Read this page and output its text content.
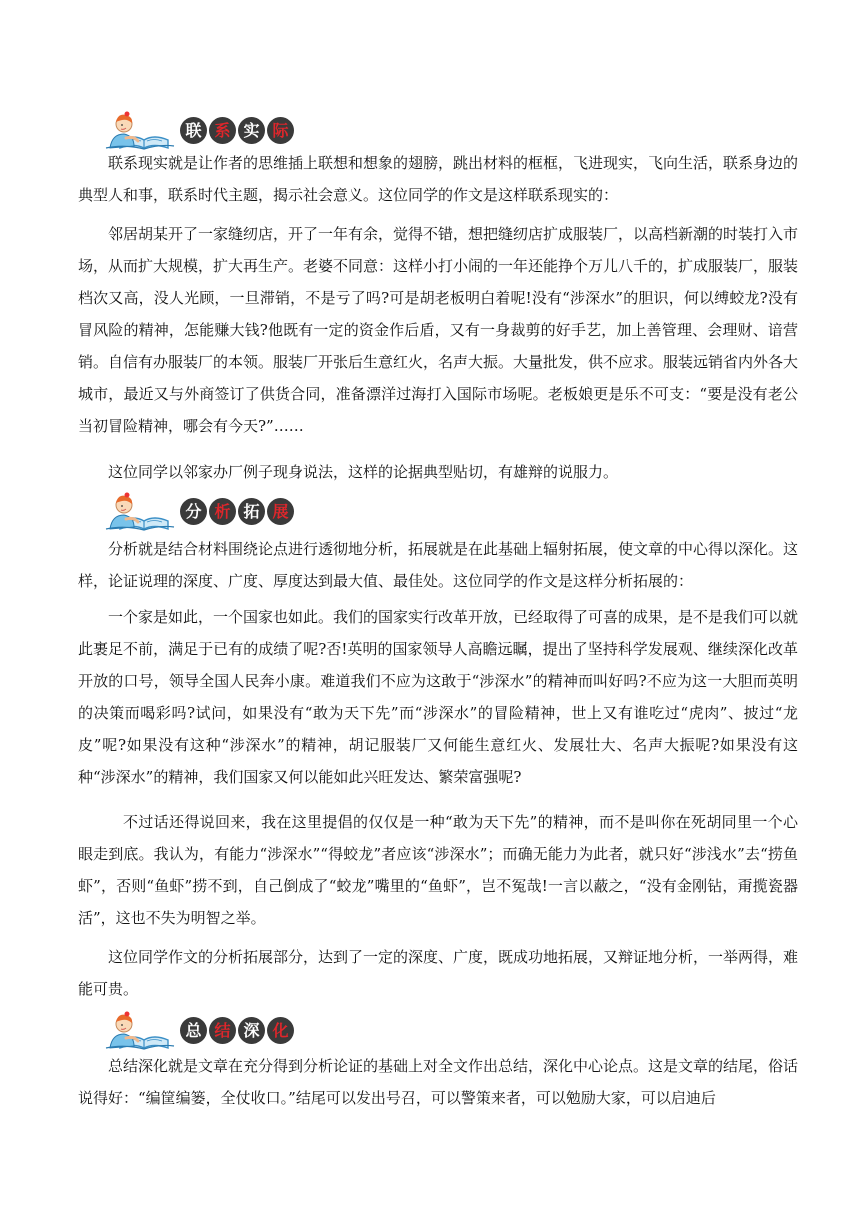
联 系 实 际

联系现实就是让作者的思维插上联想和想象的翅膀，跳出材料的框框，飞进现实，飞向生活，联系身边的典型人和事，联系时代主题，揭示社会意义。这位同学的作文是这样联系现实的：

邻居胡某开了一家缝纫店，开了一年有余，觉得不错，想把缝纫店扩成服装厂，以高档新潮的时装打入市场，从而扩大规模，扩大再生产。老婆不同意：这样小打小闹的一年还能挣个万儿八千的，扩成服装厂，服装档次又高，没人光顾，一旦滞销，不是亏了吗?可是胡老板明白着呢!没有“涉深水”的胆识，何以缚蛟龙?没有冒风险的精神，怎能赚大钱?他既有一定的资金作后盾，又有一身裁剪的好手艺，加上善管理、会理财、谙营销。自信有办服装厂的本领。服装厂开张后生意红火，名声大振。大量批发，供不应求。服装远销省内外各大城市，最近又与外商签订了供货合同，准备漂洋过海打入国际市场呢。老板娘更是乐不可支：“要是没有老公当初冒险精神，哪会有今天?”……

这位同学以邻家办厂例子现身说法，这样的论据典型贴切，有雄辩的说服力。

分 析 拓 展

分析就是结合材料围绕论点进行透彻地分析，拓展就是在此基础上辐射拓展，使文章的中心得以深化。这样，论证说理的深度、广度、厚度达到最大值、最佳处。这位同学的作文是这样分析拓展的：

一个家是如此，一个国家也如此。我们的国家实行改革开放，已经取得了可喜的成果，是不是我们可以就此裹足不前，满足于已有的成绩了呢?否!英明的国家领导人高瞻远瞩，提出了坚持科学发展观、继续深化改革开放的口号，领导全国人民奔小康。难道我们不应为这敢于“涉深水”的精神而叫好吗?不应为这一大胆而英明的决策而喝彩吗?试问，如果没有“敢为天下先”而“涉深水”的冒险精神，世上又有谁吃过“虎肉”、披过“龙皮”呢?如果没有这种“涉深水”的精神，胡记服装厂又何能生意红火、发展壮大、名声大振呢?如果没有这种“涉深水”的精神，我们国家又何以能如此兴旺发达、繁荣富强呢?

不过话还得说回来，我在这里提倡的仅仅是一种“敢为天下先”的精神，而不是叫你在死胡同里一个心眼走到底。我认为，有能力“涉深水”“得蛟龙”者应该“涉深水”；而确无能力为此者，就只好“涉浅水”去“捞鱼虾”，否则“鱼虾”捞不到，自己倒成了“蛟龙”嘴里的“鱼虾”，岂不冤哉!一言以蔽之，“没有金刚钻，甭揽瓷器活”，这也不失为明智之举。

这位同学作文的分析拓展部分，达到了一定的深度、广度，既成功地拓展，又辩证地分析，一举两得，难能可贵。

总 结 深 化

总结深化就是文章在充分得到分析论证的基础上对全文作出总结，深化中心论点。这是文章的结尾，俗话说得好：“编筐编篓，全仗收口。”结尾可以发出号召，可以警策来者，可以勉励大家，可以启迪后
